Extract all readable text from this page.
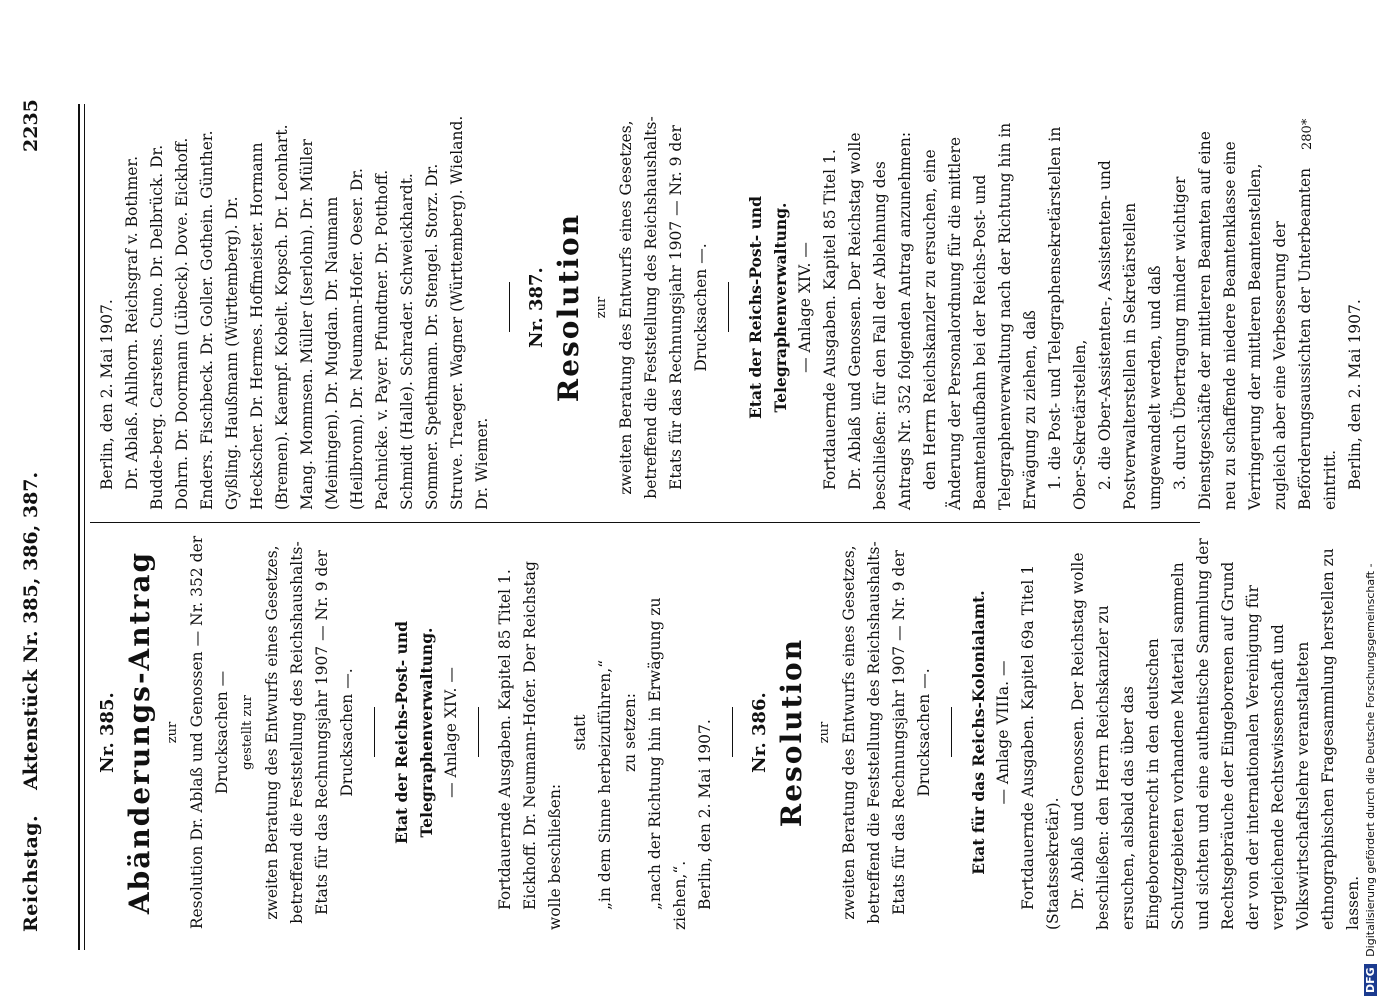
Reichstag.
Aktenstück Nr. 385, 386, 387.
2235

Nr. 385. Abänderungs-Antrag zur Resolution Dr. Ablaß und Genossen — Nr. 352 der Drucksachen — gestellt zur zweiten Beratung des Entwurfs eines Gesetzes, betreffend die Feststellung des Reichshaushalts-Etats für das Rechnungsjahr 1907 — Nr. 9 der Drucksachen —. Etat der Reichs-Post- und Telegraphenverwaltung. — Anlage XIV. — Fortdauernde Ausgaben. Kapitel 85 Titel 1. Eickhoff. Dr. Neumann-Hofer. Der Reichstag wolle beschließen:

statt „in dem Sinne herbeizuführen,“ zu setzen: „nach der Richtung hin in Erwägung zu ziehen,“. Berlin, den 2. Mai 1907. Nr. 386. Resolution zur zweiten Beratung des Entwurfs eines Gesetzes, betreffend die Feststellung des Reichshaushalts-Etats für das Rechnungsjahr 1907 — Nr. 9 der Drucksachen —. Etat für das Reichs-Kolonialamt. — Anlage VIIIa. — Fortdauernde Ausgaben. Kapitel 69a Titel 1 (Staatssekretär). Dr. Ablaß und Genossen. Der Reichstag wolle beschließen: den Herrn Reichskanzler zu ersuchen, alsbald das über das Eingeborenenrecht in den deutschen Schutzgebieten vorhandene Material sammeln und sichten und eine authentische Sammlung der Rechtsgebräuche der Eingeborenen auf Grund der von der internationalen Vereinigung für vergleichende Rechtswissenschaft und Volkswirtschaftslehre veranstalteten ethnographischen Fragesammlung herstellen zu lassen.

Berlin, den 2. Mai 1907. Dr. Ablaß. Ahlhorn. Reichsgraf v. Bothmer. Budde-berg. Carstens. Cuno. Dr. Delbrück. Dr. Dohrn. Dr. Doormann (Lübeck). Dove. Eickhoff. Enders. Fischbeck. Dr. Goller. Gothein. Günther. Gyßling. Haußmann (Württemberg). Dr. Heckscher. Dr. Hermes. Hoffmeister. Hormann (Bremen). Kaempf. Kobelt. Kopsch. Dr. Leonhart. Mang. Mommsen. Müller (Iserlohn). Dr. Müller (Meiningen). Dr. Mugdan. Dr. Naumann (Heilbronn). Dr. Neumann-Hofer. Oeser. Dr. Pachnicke. v. Payer. Pfundtner. Dr. Potthoff. Schmidt (Halle). Schrader. Schweickhardt. Sommer. Spethmann. Dr. Stengel. Storz. Dr. Struve. Traeger. Wagner (Württemberg). Wieland. Dr. Wiemer.

Nr. 387. Resolution zur zweiten Beratung des Entwurfs eines Gesetzes, betreffend die Feststellung des Reichshaushalts-Etats für das Rechnungsjahr 1907 — Nr. 9 der Drucksachen —. Etat der Reichs-Post- und Telegraphenverwaltung. — Anlage XIV. — Fortdauernde Ausgaben. Kapitel 85 Titel 1. Dr. Ablaß und Genossen. Der Reichstag wolle beschließen: für den Fall der Ablehnung des Antrags Nr. 352 folgenden Antrag anzunehmen: den Herrn Reichskanzler zu ersuchen, eine Änderung der Personalordnung für die mittlere Beamtenlaufbahn bei der Reichs-Post- und Telegraphenverwaltung nach der Richtung hin in Erwägung zu ziehen, daß 1. die Post- und Telegraphensekretärstellen in Ober-Sekretärstellen, 2. die Ober-Assistenten-, Assistenten- und Postverwalterstellen in Sekretärstellen umgewandelt werden, und daß 3. durch Übertragung minder wichtiger Dienstgeschäfte der mittleren Beamten auf eine neu zu schaffende niedere Beamtenklasse eine Verringerung der mittleren Beamtenstellen, zugleich aber eine Verbesserung der Beförderungsaussichten der Unterbeamten eintritt. Berlin, den 2. Mai 1907.

280*
DFG Digitalisierung gefördert durch die Deutsche Forschungsgemeinschaft -
